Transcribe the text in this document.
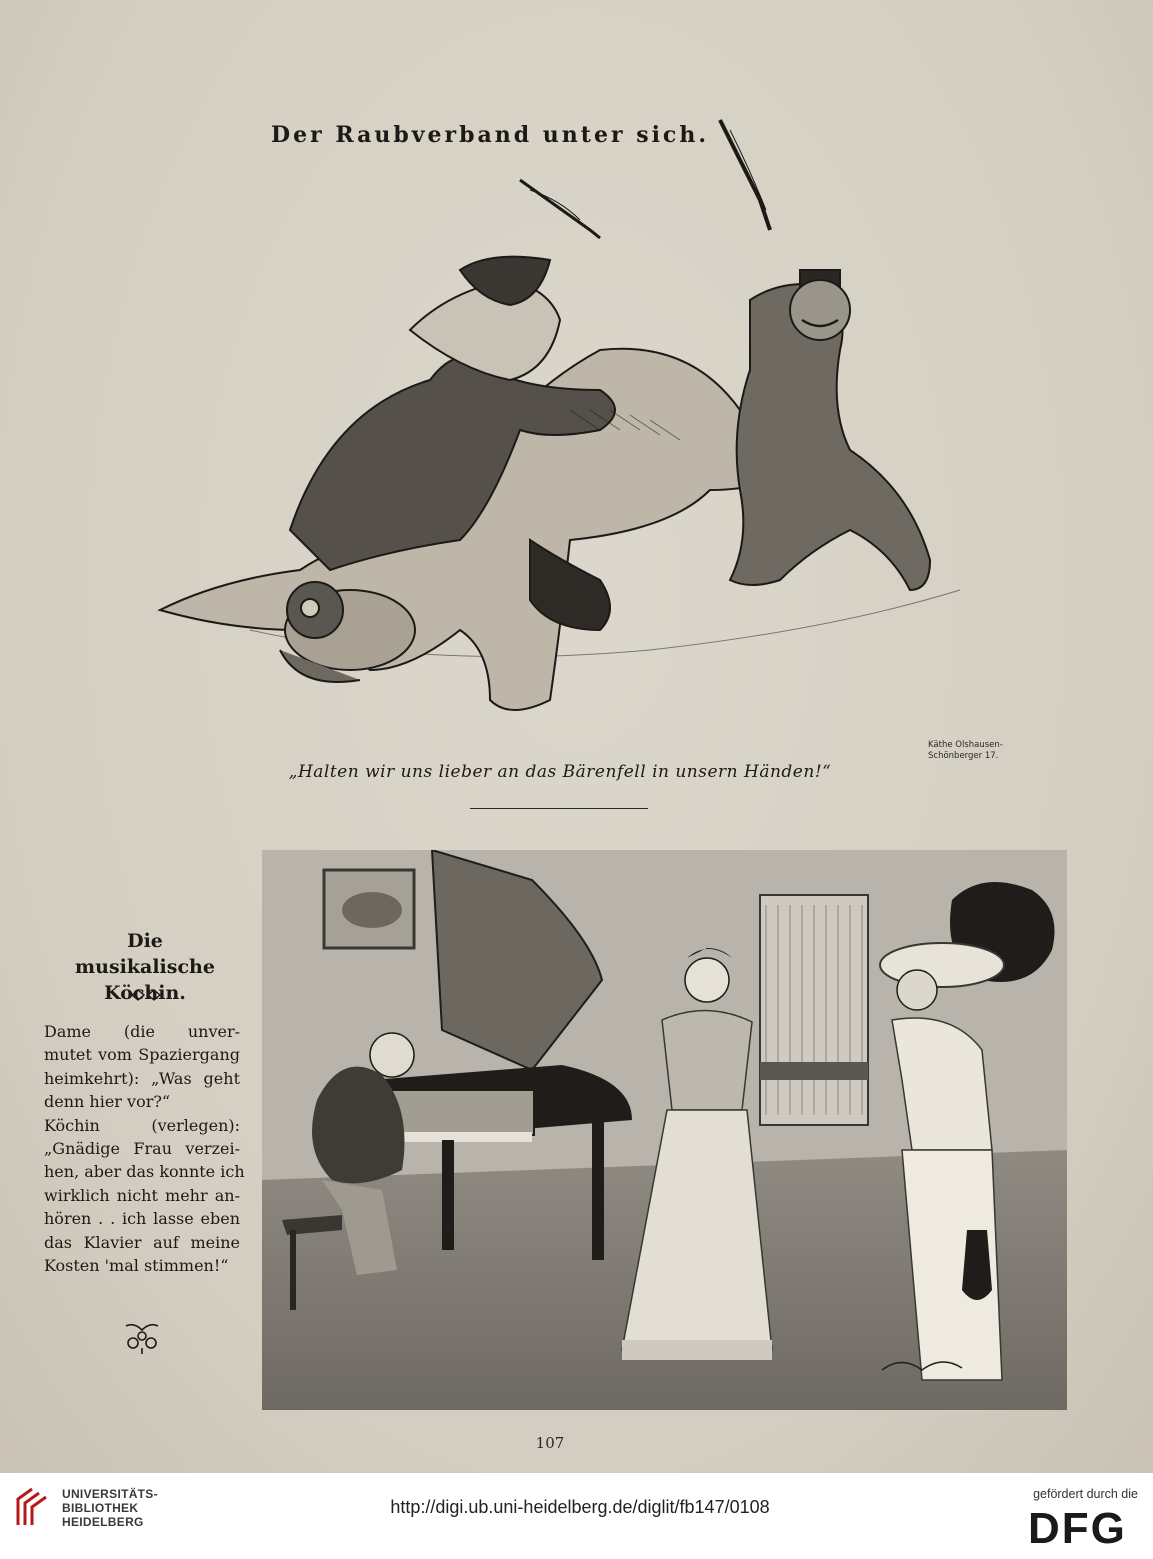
Der Raubverband unter sich.
„Halten wir uns lieber an das Bärenfell in unsern Händen!“
Käthe Olshausen-
Schönberger 17.
Die
musikalische Köchin.
Dame (die unver-
mutet vom Spaziergang
heimkehrt): „Was geht
denn hier vor?“
Köchin (verlegen):
„Gnädige Frau verzei-
hen, aber das konnte ich
wirklich nicht mehr an-
hören . . ich lasse eben
das Klavier auf meine
Kosten 'mal stimmen!“
107
UNIVERSITÄTS-
BIBLIOTHEK
HEIDELBERG
http://digi.ub.uni-heidelberg.de/diglit/fb147/0108
gefördert durch die
DFG
